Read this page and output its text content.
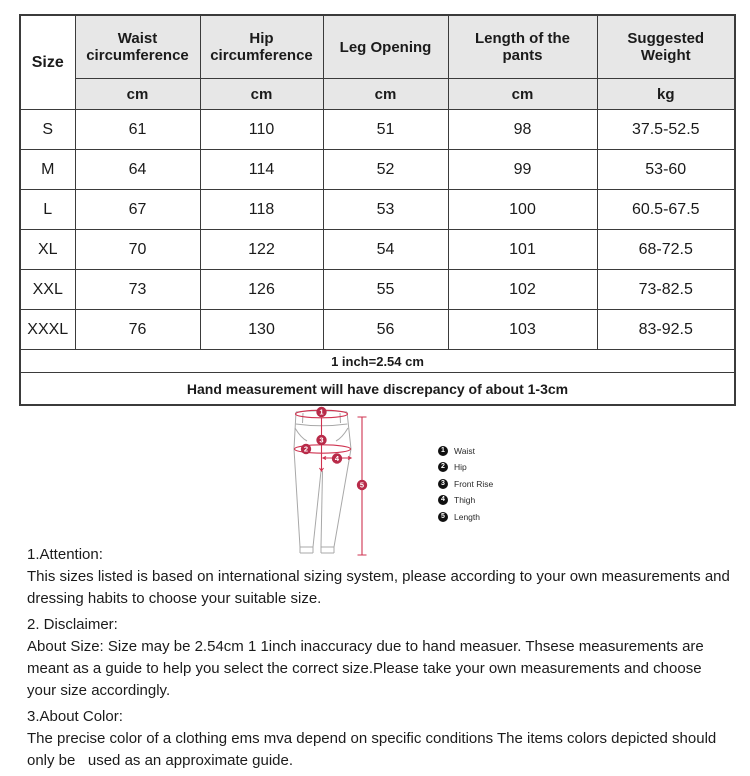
Size	Waist circumference	Hip circumference	Leg Opening	Length of the pants	Suggested Weight
	cm	cm	cm	cm	kg
S	61	110	51	98	37.5-52.5
M	64	114	52	99	53-60
L	67	118	53	100	60.5-67.5
XL	70	122	54	101	68-72.5
XXL	73	126	55	102	73-82.5
XXXL	76	130	56	103	83-92.5
1 inch=2.54 cm					
Hand measurement will have discrepancy of about 1-3cm					
1
2
3
4
5
1	Waist
2	Hip
3	Front Rise
4	Thigh
5	Length
1.Attention:
This sizes listed is based on international sizing system, please according to your own measurements and dressing habits to choose your suitable size.
2. Disclaimer:
About Size: Size may be 2.54cm 1 1inch inaccuracy due to hand measuer. Thsese measurements are meant as a guide to help you select the correct size.Please take your own measurements and choose your size accordingly.
3.About Color:
The precise color of a clothing ems mva depend on specific conditions The items colors depicted should only be   used as an approximate guide.
